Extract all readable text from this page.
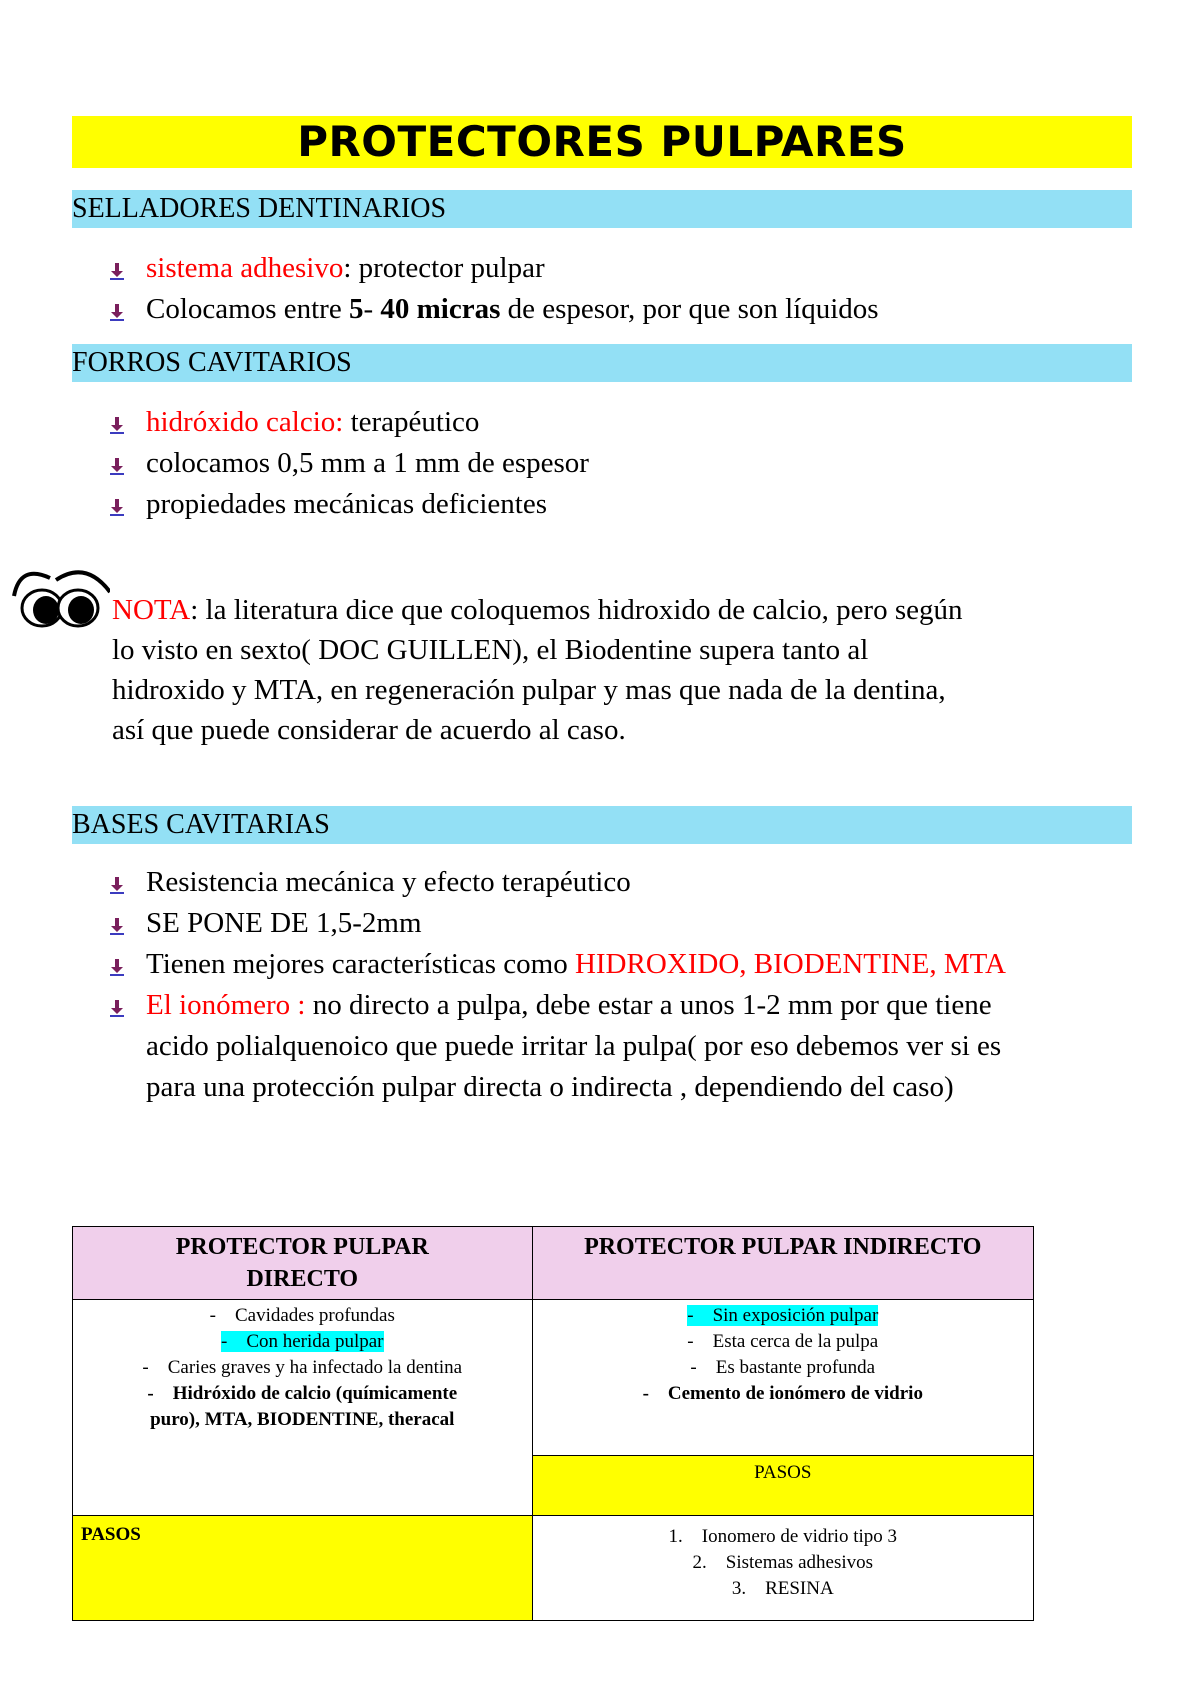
PROTECTORES PULPARES
SELLADORES DENTINARIOS
sistema adhesivo: protector pulpar
Colocamos entre 5- 40 micras de espesor, por que son líquidos
FORROS CAVITARIOS
hidróxido calcio: terapéutico
colocamos 0,5 mm a 1 mm de espesor
propiedades mecánicas deficientes
NOTA: la literatura dice que coloquemos hidroxido de calcio, pero según
lo visto en sexto( DOC GUILLEN), el Biodentine supera tanto al
hidroxido y MTA, en regeneración pulpar y mas que nada de la dentina,
así que puede considerar de acuerdo al caso.
BASES CAVITARIAS
Resistencia mecánica y efecto terapéutico
SE PONE DE 1,5-2mm
Tienen mejores características como HIDROXIDO, BIODENTINE, MTA
El ionómero : no directo a pulpa, debe estar a unos 1-2 mm por que tiene
acido polialquenoico que puede irritar la pulpa( por eso debemos ver si es
para una protección pulpar directa o indirecta , dependiendo del caso)
PROTECTOR PULPAR
DIRECTO	PROTECTOR PULPAR INDIRECTO

-    Cavidades profundas
-    Con herida pulpar
-    Caries graves y ha infectado la dentina
-    Hidróxido de calcio (químicamente
puro), MTA, BIODENTINE, theracal	-    Sin exposición pulpar
-    Esta cerca de la pulpa
-    Es bastante profunda
-    Cemento de ionómero de vidrio

	PASOS
PASOS	1.    Ionomero de vidrio tipo 3
2.    Sistemas adhesivos
3.    RESINA
